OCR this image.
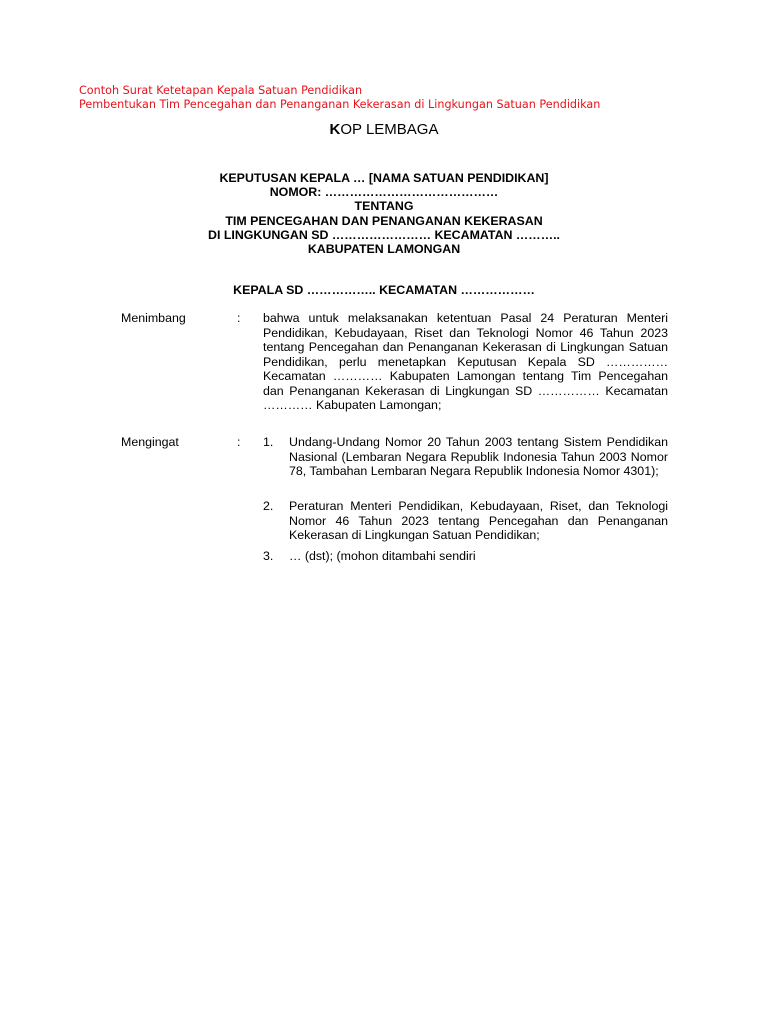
Contoh Surat Ketetapan Kepala Satuan Pendidikan
Pembentukan Tim Pencegahan dan Penanganan Kekerasan di Lingkungan Satuan Pendidikan
KOP LEMBAGA
KEPUTUSAN KEPALA … [NAMA SATUAN PENDIDIKAN]
NOMOR: ……………………………………
TENTANG
TIM PENCEGAHAN DAN PENANGANAN KEKERASAN
DI LINGKUNGAN SD …………………… KECAMATAN ………..
KABUPATEN LAMONGAN
KEPALA SD …………….. KECAMATAN ………………
Menimbang	: bahwa untuk melaksanakan ketentuan Pasal 24 Peraturan Menteri Pendidikan, Kebudayaan, Riset dan Teknologi Nomor 46 Tahun 2023 tentang Pencegahan dan Penanganan Kekerasan di Lingkungan Satuan Pendidikan, perlu menetapkan Keputusan Kepala SD …………… Kecamatan ………… Kabupaten Lamongan tentang Tim Pencegahan dan Penanganan Kekerasan di Lingkungan SD …………… Kecamatan ………… Kabupaten Lamongan;
Mengingat	: 1. Undang-Undang Nomor 20 Tahun 2003 tentang Sistem Pendidikan Nasional (Lembaran Negara Republik Indonesia Tahun 2003 Nomor 78, Tambahan Lembaran Negara Republik Indonesia Nomor 4301);
2. Peraturan Menteri Pendidikan, Kebudayaan, Riset, dan Teknologi Nomor 46 Tahun 2023 tentang Pencegahan dan Penanganan Kekerasan di Lingkungan Satuan Pendidikan;
3. … (dst); (mohon ditambahi sendiri
